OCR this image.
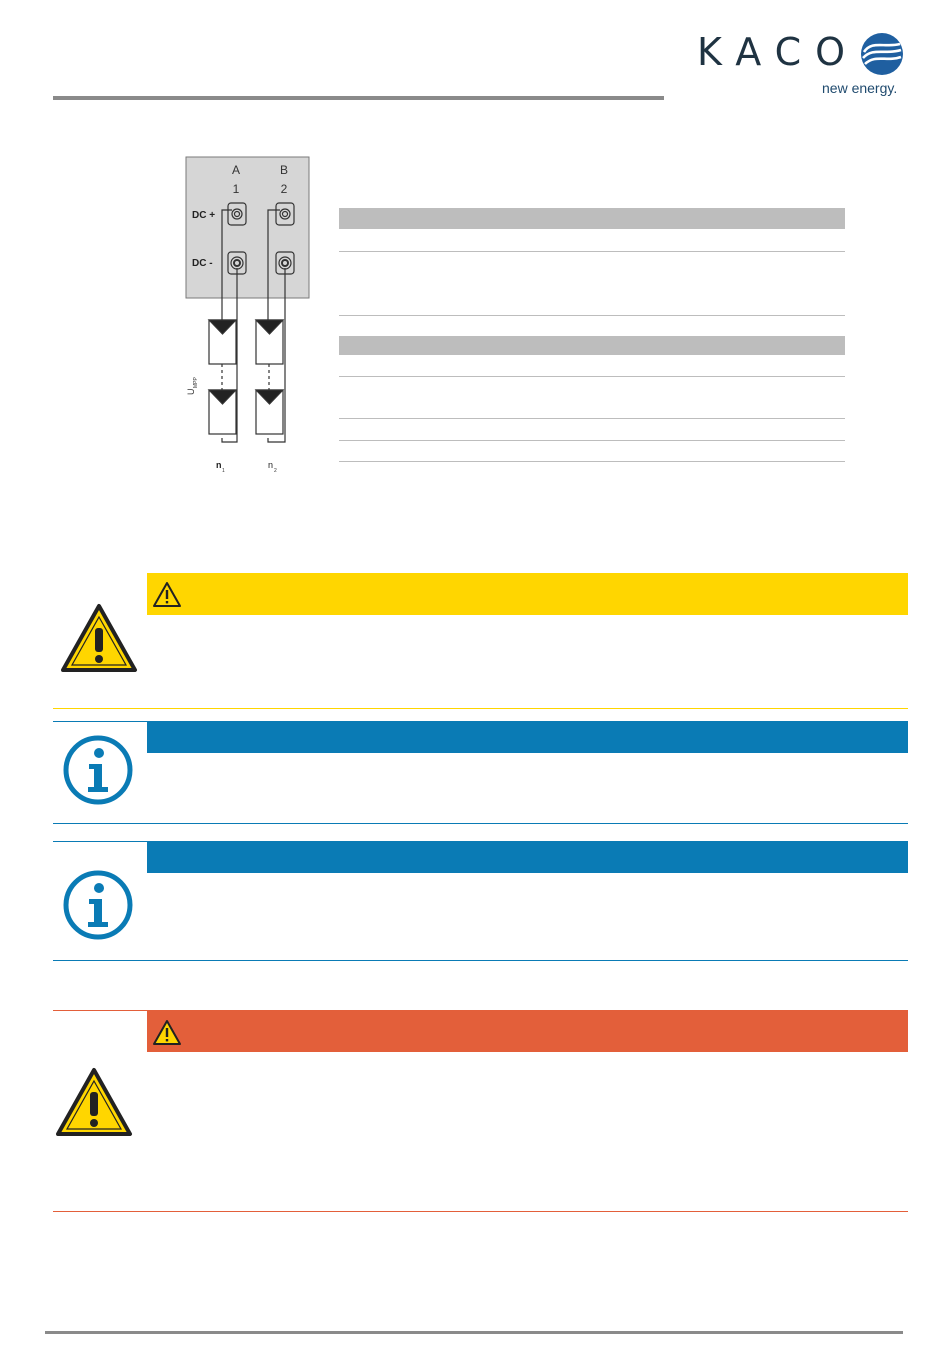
KACO
new energy.
A	B
1	2
DC +
DC -
U
MPP
n
1
n
2
